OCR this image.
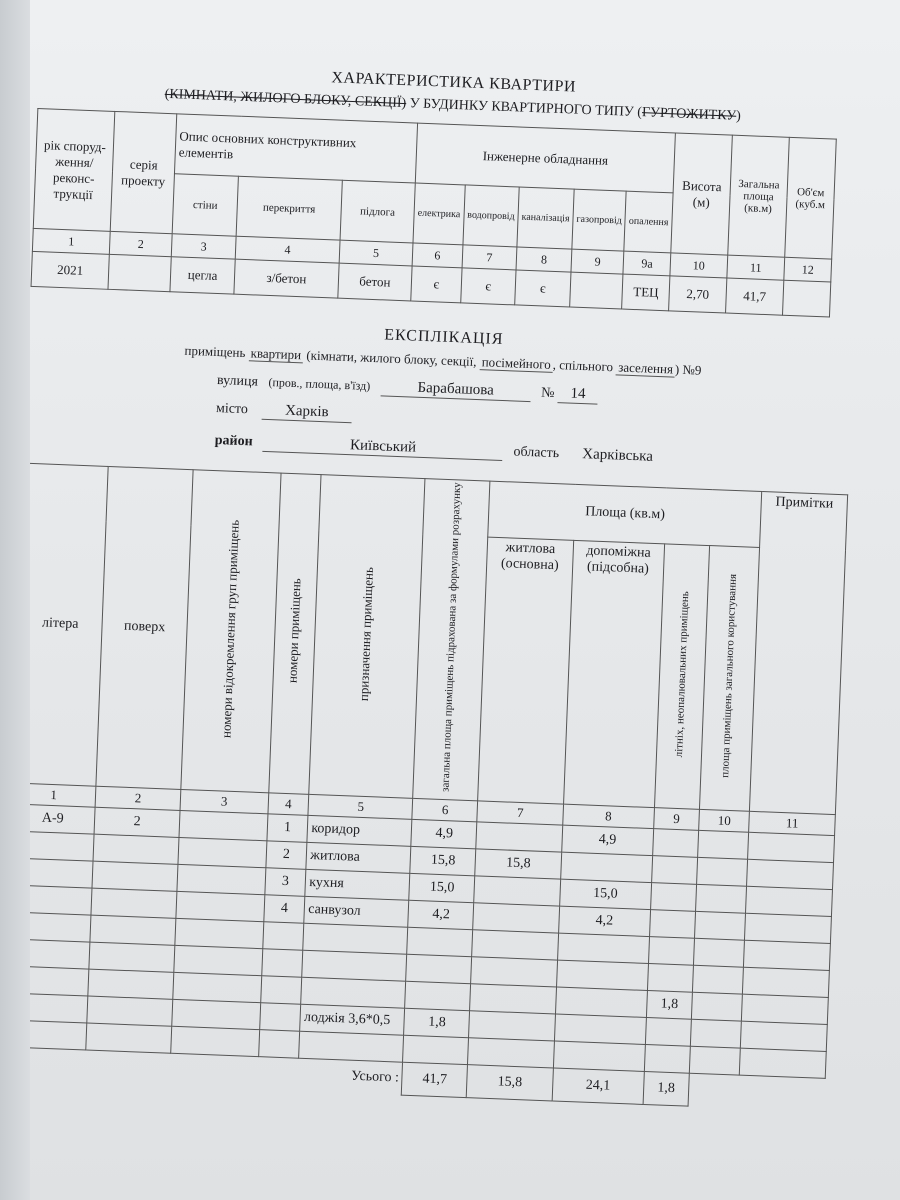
ХАРАКТЕРИСТИКА КВАРТИРИ
(КІМНАТИ, ЖИЛОГО БЛОКУ, СЕКЦІЇ) У БУДИНКУ КВАРТИРНОГО ТИПУ (ГУРТОЖИТКУ)
рік споруд-ження/ реконс-трукції	серія проекту	Опис основних конструктивних елементів			Інженерне обладнання					Висота (м)	Загальна площа (кв.м)	Об'єм (куб.м
		стіни	перекриття	підлога	електрика	водопровід	каналізація	газопровід	опалення			
1	2	3	4	5	6	7	8	9	9а	10	11	12
2021		цегла	з/бетон	бетон	є	є	є		ТЕЦ	2,70	41,7	
ЕКСПЛІКАЦІЯ
приміщень квартири (кімнати, жилого блоку, секції, посімейного, спільного заселення) №9
вулиця (пров., площа, в'їзд)	Барабашова	№ 14
місто Харків
район	Київський	область Харківська
літера	поверх	номери відокремлення груп приміщень	номери приміщень	призначення приміщень	загальна площа приміщень підрахована за формулами розрахунку	Площа (кв.м)				Примітки
						житлова (основна)	допоміжна (підсобна)	літніх, неопалювальних приміщень	площа приміщень загального користування	
1	2	3	4	5	6	7	8	9	10	11
А-9	2		1	коридор	4,9		4,9			
			2	житлова	15,8	15,8				
			3	кухня	15,0		15,0			
			4	санвузол	4,2		4,2			

								1,8		
				лоджія 3,6*0,5	1,8					

				Усього :	41,7	15,8	24,1	1,8		
